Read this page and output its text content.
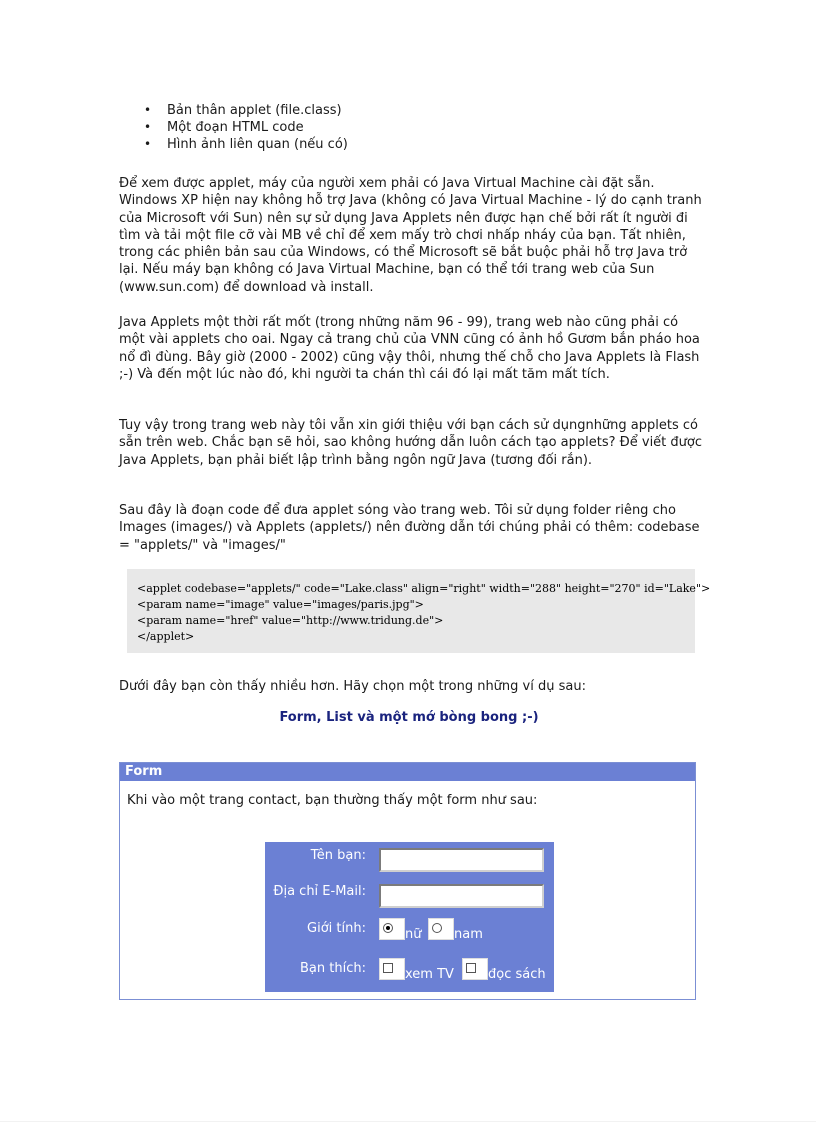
• Bản thân applet (file.class)
• Một đoạn HTML code
• Hình ảnh liên quan (nếu có)

Để xem được applet, máy của người xem phải có Java Virtual Machine cài đặt sẵn. Windows XP hiện nay không hỗ trợ Java (không có Java Virtual Machine - lý do cạnh tranh của Microsoft với Sun) nên sự sử dụng Java Applets nên được hạn chế bởi rất ít người đi tìm và tải một file cỡ vài MB về chỉ để xem mấy trò chơi nhấp nháy của bạn. Tất nhiên, trong các phiên bản sau của Windows, có thể Microsoft sẽ bắt buộc phải hỗ trợ Java trở lại. Nếu máy bạn không có Java Virtual Machine, bạn có thể tới trang web của Sun (www.sun.com) để download và install.

Java Applets một thời rất mốt (trong những năm 96 - 99), trang web nào cũng phải có một vài applets cho oai. Ngay cả trang chủ của VNN cũng có ảnh hồ Gươm bắn pháo hoa nổ đì đùng. Bây giờ (2000 - 2002) cũng vậy thôi, nhưng thế chỗ cho Java Applets là Flash ;-) Và đến một lúc nào đó, khi người ta chán thì cái đó lại mất tăm mất tích.

Tuy vậy trong trang web này tôi vẫn xin giới thiệu với bạn cách sử dụngnhững applets có sẵn trên web. Chắc bạn sẽ hỏi, sao không hướng dẫn luôn cách tạo applets? Để viết được Java Applets, bạn phải biết lập trình bằng ngôn ngữ Java (tương đối rắn).

Sau đây là đoạn code để đưa applet sóng vào trang web. Tôi sử dụng folder riêng cho Images (images/) và Applets (applets/) nên đường dẫn tới chúng phải có thêm: codebase = "applets/" và "images/"

<applet codebase="applets/" code="Lake.class" align="right" width="288" height="270" id="Lake">
<param name="image" value="images/paris.jpg">
<param name="href" value="http://www.tridung.de">
</applet>

Dưới đây bạn còn thấy nhiều hơn. Hãy chọn một trong những ví dụ sau:

Form, List và một mớ bòng bong ;-)
Form
Khi vào một trang contact, bạn thường thấy một form như sau:
Tên bạn:
Địa chỉ E-Mail:
Giới tính:	nữ	nam
Bạn thích:	xem TV	đọc sách
